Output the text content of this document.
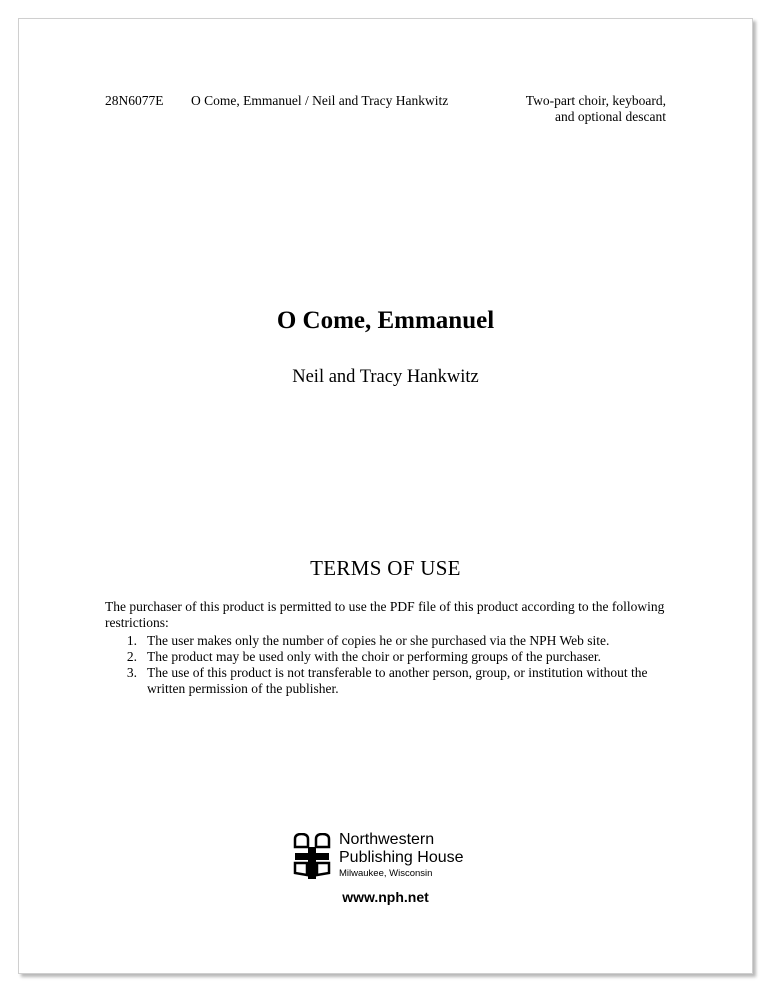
28N6077E O Come, Emmanuel / Neil and Tracy Hankwitz	Two-part choir, keyboard,
and optional descant
O Come, Emmanuel
Neil and Tracy Hankwitz
TERMS OF USE
The purchaser of this product is permitted to use the PDF file of this product according to the following restrictions:
1. The user makes only the number of copies he or she purchased via the NPH Web site.
2. The product may be used only with the choir or performing groups of the purchaser.
3. The use of this product is not transferable to another person, group, or institution without the written permission of the publisher.
Northwestern
Publishing House
Milwaukee, Wisconsin
www.nph.net
